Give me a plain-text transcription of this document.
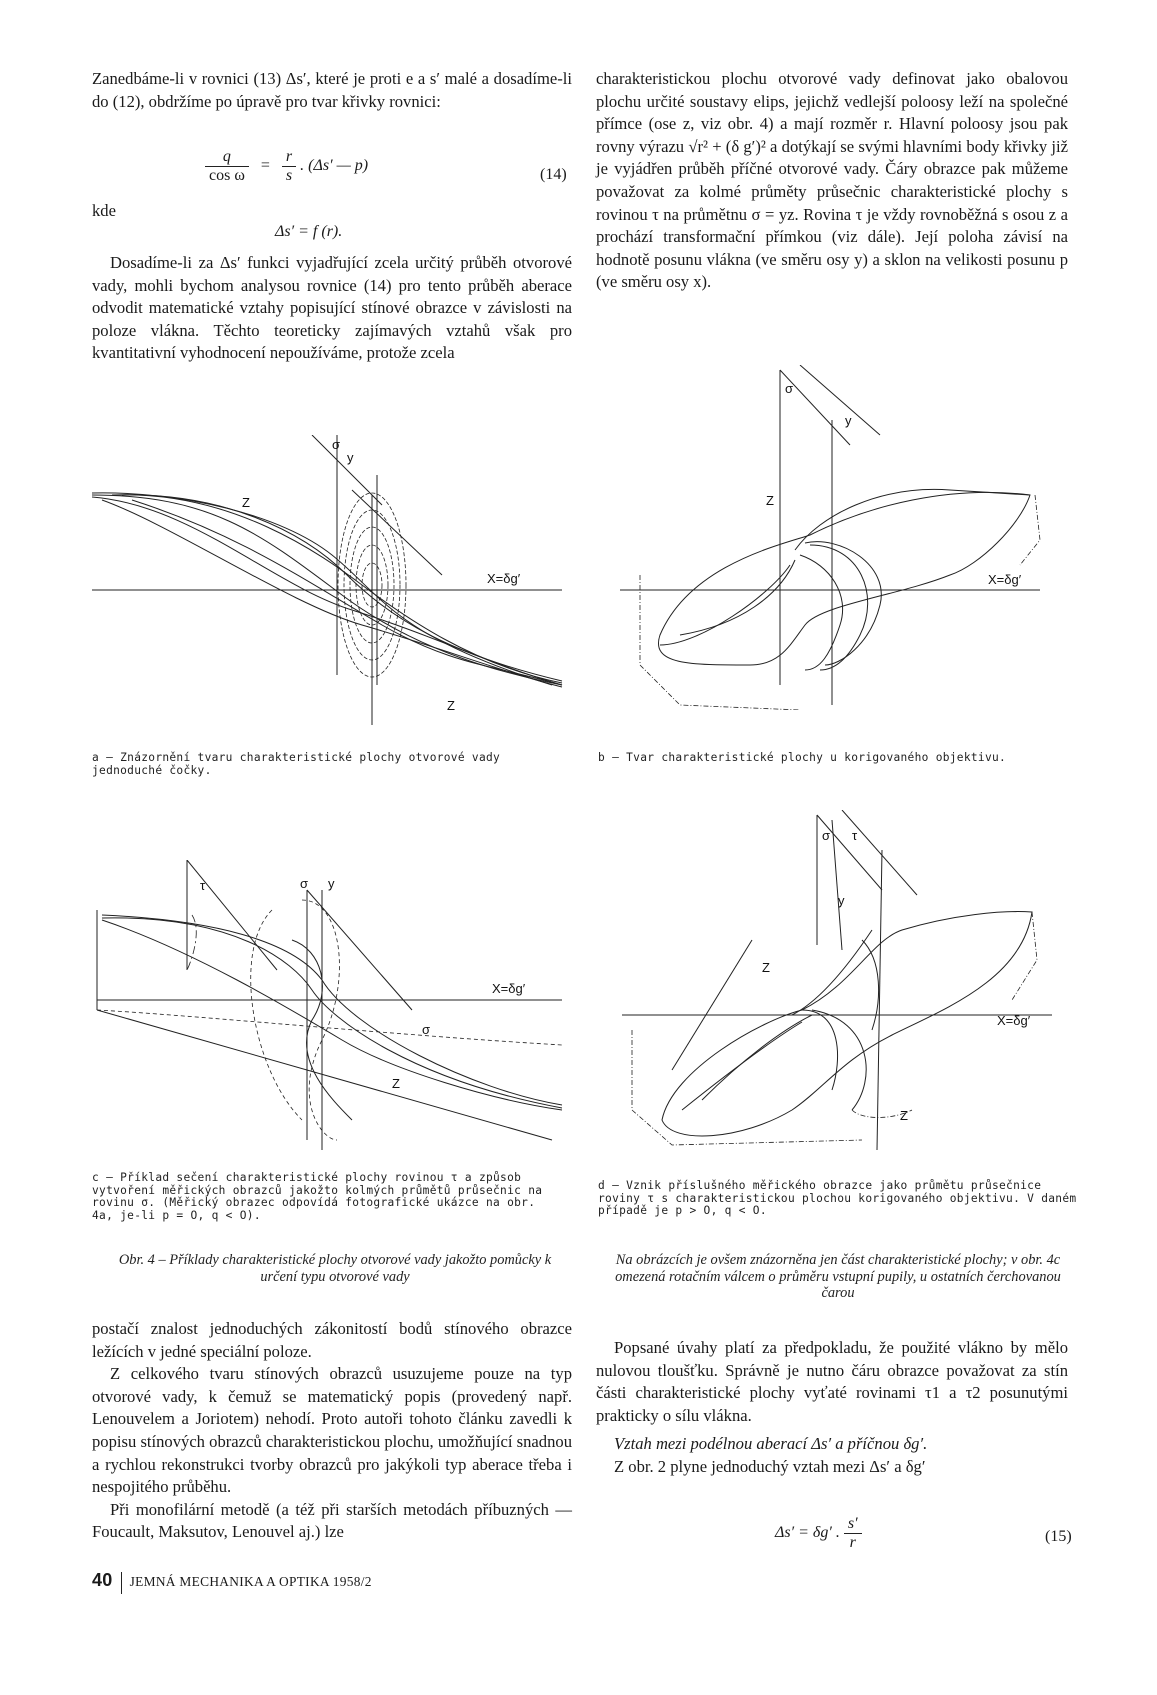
Zanedbáme-li v rovnici (13) Δs′, které je proti e a s′ malé a dosadíme-li do (12), obdržíme po úpravě pro tvar křivky rovnici:

$\frac{q}{\text{cos ω}} = \frac{r}{s}$ . (Δs′ — p)
(14)
kde
Δs′ = f (r).

Dosadíme-li za Δs′ funkci vyjadřující zcela určitý průběh otvorové vady, mohli bychom analysou rovnice (14) pro tento průběh aberace odvodit matematické vztahy popisující stínové obrazce v závislosti na poloze vlákna. Těchto teoreticky zajímavých vztahů však pro kvantitativní vyhodnocení nepoužíváme, protože zcela

charakteristickou plochu otvorové vady definovat jako obalovou plochu určité soustavy elips, jejichž vedlejší poloosy leží na společné přímce (ose z, viz obr. 4) a mají rozměr r. Hlavní poloosy jsou pak rovny výrazu √r² + (δ g′)² a dotýkají se svými hlavními body křivky již je vyjádřen průběh příčné otvorové vady. Čáry obrazce pak můžeme považovat za kolmé průměty průsečnic charakteristické plochy s rovinou τ na průmětnu σ = yz. Rovina τ je vždy rovnoběžná s osou z a prochází transformační přímkou (viz dále). Její poloha závisí na hodnotě posunu vlákna (ve směru osy y) a sklon na velikosti posunu p (ve směru osy x).

σ
y
Z
X=δg′
Z
a — Znázornění tvaru charakteristické plochy otvorové vady jednoduché čočky.
σ
y
Z
X=δg′
b — Tvar charakteristické plochy u korigovaného objektivu.
τ	σ y
X=δg′
σ
Z
c — Příklad sečení charakteristické plochy rovinou τ a způsob vytvoření měřických obrazců jakožto kolmých průmětů průsečnic na rovinu σ. (Měřický obrazec odpovídá fotografické ukázce na obr. 4a, je-li p = O, q < O).
σ τ
y
Z
X=δg′
Z
d — Vznik příslušného měřického obrazce jako průmětu průsečnice roviny τ s charakteristickou plochou korigovaného objektivu. V daném případě je p > O, q < O.
Obr. 4 – Příklady charakteristické plochy otvorové vady jakožto pomůcky k určení typu otvorové vady
Na obrázcích je ovšem znázorněna jen část charakteristické plochy; v obr. 4c omezená rotačním válcem o průměru vstupní pupily, u ostatních čerchovanou čarou

postačí znalost jednoduchých zákonitostí bodů stínového obrazce ležících v jedné speciální poloze.

Z celkového tvaru stínových obrazců usuzujeme pouze na typ otvorové vady, k čemuž se matematický popis (provedený např. Lenouvelem a Joriotem) nehodí. Proto autoři tohoto článku zavedli k popisu stínových obrazců charakteristickou plochu, umožňující snadnou a rychlou rekonstrukci tvorby obrazců pro jakýkoli typ aberace třeba i nespojitého průběhu.

Při monofilární metodě (a též při starších metodách příbuzných — Foucault, Maksutov, Lenouvel aj.) lze

Popsané úvahy platí za předpokladu, že použité vlákno by mělo nulovou tloušťku. Správně je nutno čáru obrazce považovat za stín části charakteristické plochy vyťaté rovinami τ1 a τ2 posunutými prakticky o sílu vlákna.

Vztah mezi podélnou aberací Δs′ a příčnou δg′.

Z obr. 2 plyne jednoduchý vztah mezi Δs′ a δg′

Δs′ = δg′ . $\frac{s'}{r}$	(15)
40 JEMNÁ MECHANIKA A OPTIKA 1958/2
